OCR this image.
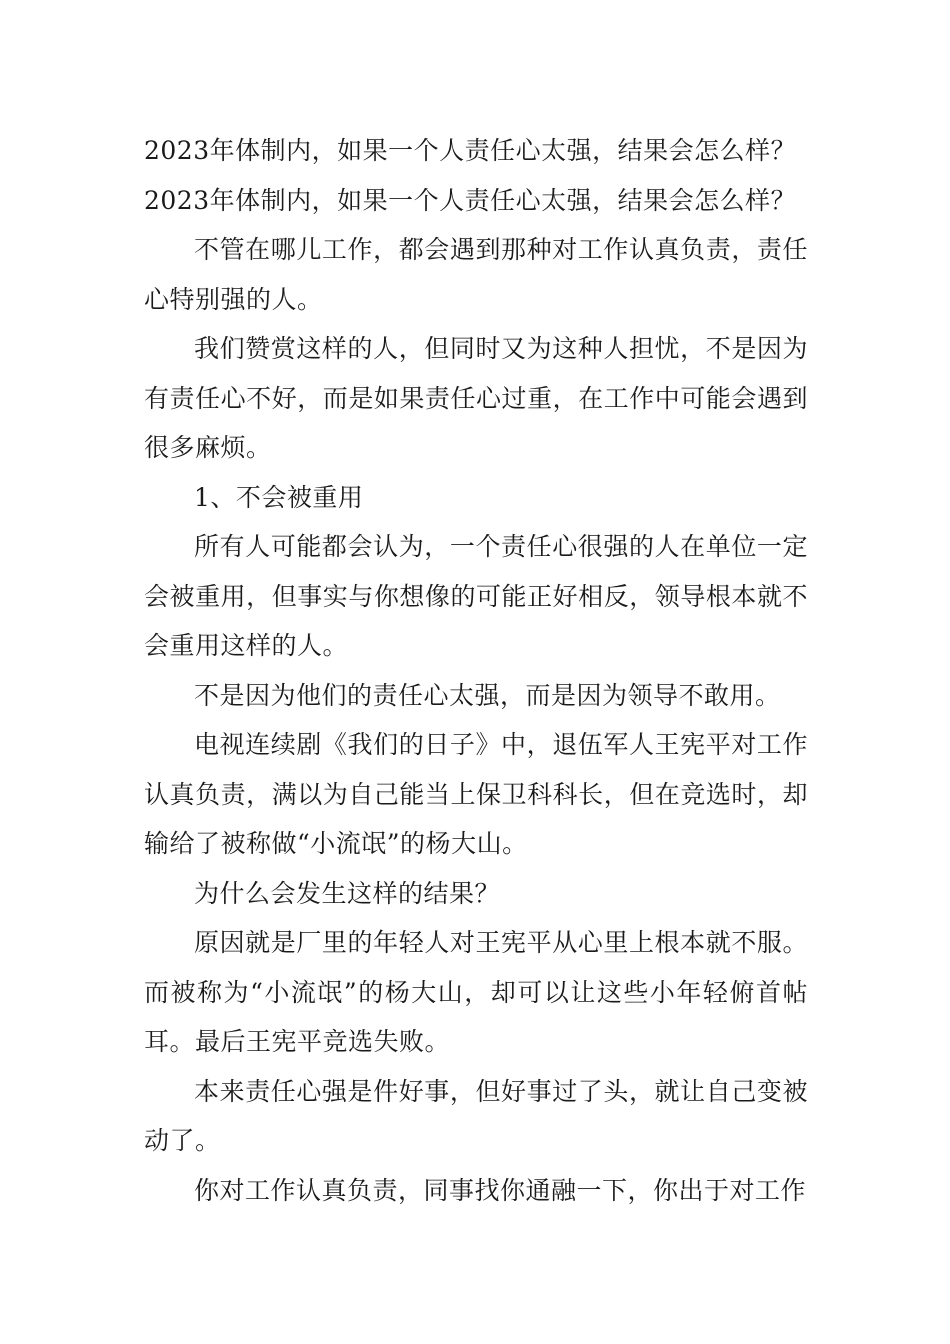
2023年体制内，如果一个人责任心太强，结果会怎么样？

2023年体制内，如果一个人责任心太强，结果会怎么样？

不管在哪儿工作，都会遇到那种对工作认真负责，责任心特别强的人。

我们赞赏这样的人，但同时又为这种人担忧，不是因为有责任心不好，而是如果责任心过重，在工作中可能会遇到很多麻烦。

1、不会被重用

所有人可能都会认为，一个责任心很强的人在单位一定会被重用，但事实与你想像的可能正好相反，领导根本就不会重用这样的人。

不是因为他们的责任心太强，而是因为领导不敢用。

电视连续剧《我们的日子》中，退伍军人王宪平对工作认真负责，满以为自己能当上保卫科科长，但在竞选时，却输给了被称做“小流氓”的杨大山。

为什么会发生这样的结果？

原因就是厂里的年轻人对王宪平从心里上根本就不服。而被称为“小流氓”的杨大山，却可以让这些小年轻俯首帖耳。最后王宪平竞选失败。

本来责任心强是件好事，但好事过了头，就让自己变被动了。

你对工作认真负责，同事找你通融一下，你出于对工作
